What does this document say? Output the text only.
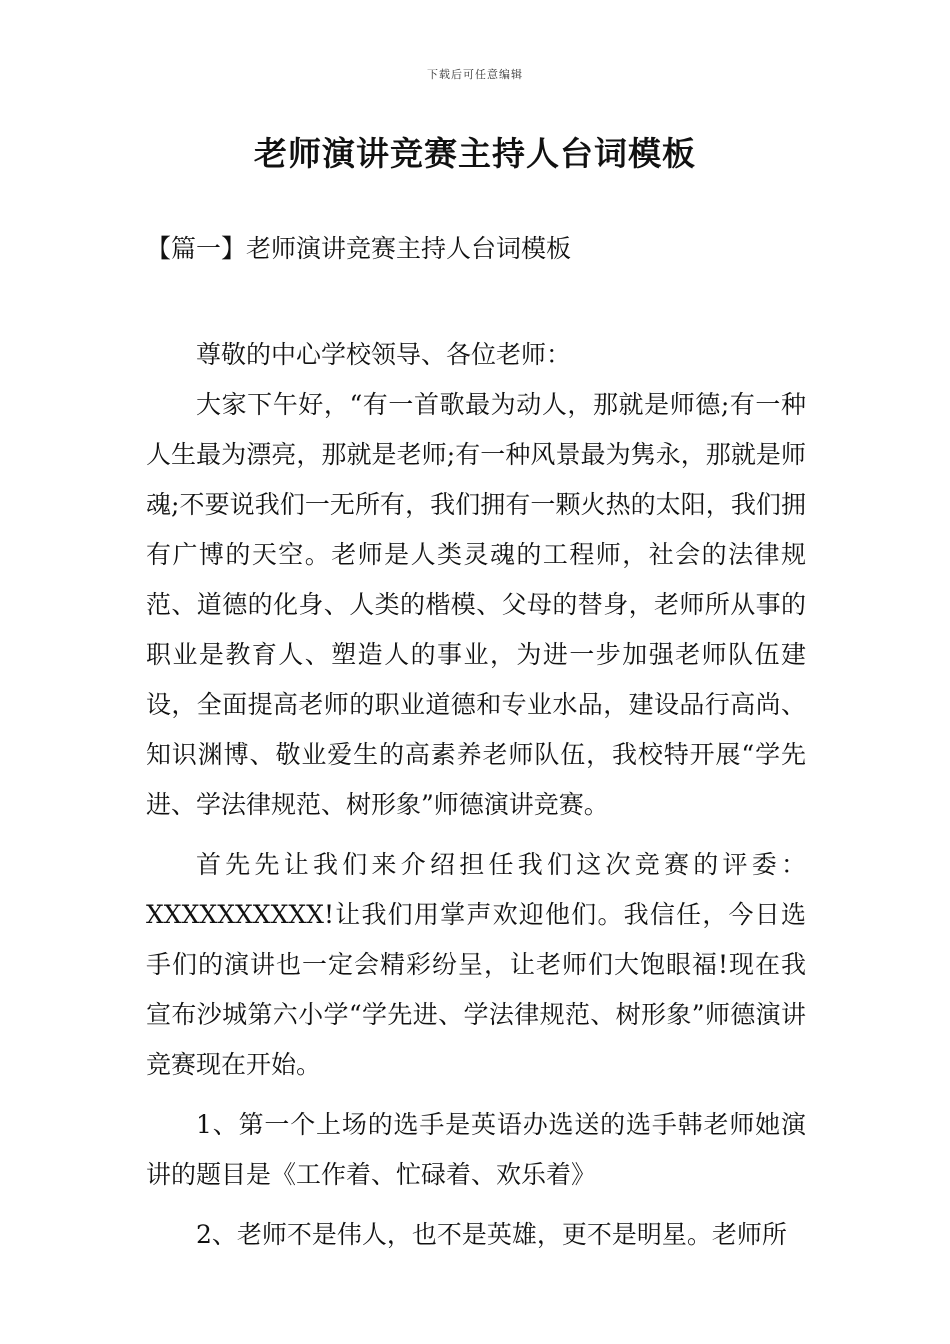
下载后可任意编辑
老师演讲竞赛主持人台词模板
【篇一】老师演讲竞赛主持人台词模板

尊敬的中心学校领导、各位老师：

大家下午好，“有一首歌最为动人，那就是师德;有一种人生最为漂亮，那就是老师;有一种风景最为隽永，那就是师魂;不要说我们一无所有，我们拥有一颗火热的太阳，我们拥有广博的天空。老师是人类灵魂的工程师，社会的法律规范、道德的化身、人类的楷模、父母的替身，老师所从事的职业是教育人、塑造人的事业，为进一步加强老师队伍建设，全面提高老师的职业道德和专业水品，建设品行高尚、知识渊博、敬业爱生的高素养老师队伍，我校特开展“学先进、学法律规范、树形象”师德演讲竞赛。

首先先让我们来介绍担任我们这次竞赛的评委：XXXXXXXXXX!让我们用掌声欢迎他们。我信任，今日选手们的演讲也一定会精彩纷呈，让老师们大饱眼福!现在我宣布沙城第六小学“学先进、学法律规范、树形象”师德演讲竞赛现在开始。

1、第一个上场的选手是英语办选送的选手韩老师她演讲的题目是《工作着、忙碌着、欢乐着》

2、老师不是伟人，也不是英雄，更不是明星。老师所
